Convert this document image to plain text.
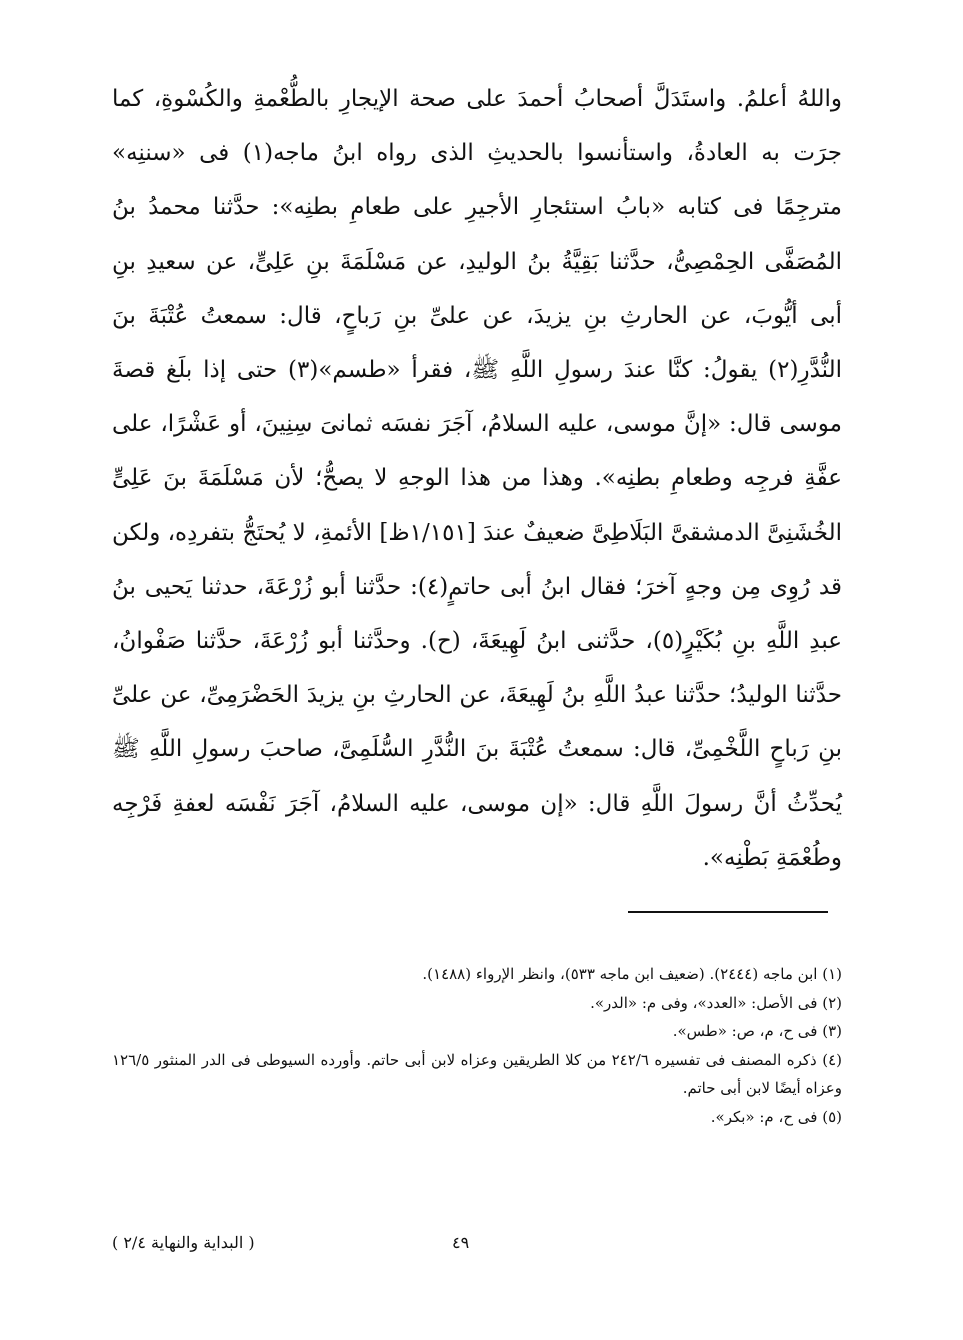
واللهُ أعلمُ. واستَدَلَّ أصحابُ أحمدَ على صحة الإيجارِ بالطُّعْمةِ والكُسْوةِ، كما جرَت به العادةُ، واستأنسوا بالحديثِ الذى رواه ابنُ ماجه(١) فى «سننِه» مترجِمًا فى كتابه «بابُ استئجارِ الأجيرِ على طعامِ بطنِه»: حدَّثنا محمدُ بنُ المُصَفَّى الحِمْصِىُّ، حدَّثنا بَقِيَّةُ بنُ الوليدِ، عن مَسْلَمَةَ بنِ عَلِىٍّ، عن سعيدِ بنِ أبى أيُّوبَ، عن الحارثِ بنِ يزيدَ، عن علىِّ بنِ رَباحٍ، قال: سمعتُ عُتْبَةَ بنَ النُّدَّرِ(٢) يقولُ: كنَّا عندَ رسولِ اللَّهِ ﷺ، فقرأ «طسم»(٣) حتى إذا بلَغ قصةَ موسى قال: «إنَّ موسى، عليه السلامُ، آجَرَ نفسَه ثمانىَ سِنِينَ، أو عَشْرًا، على عفَّةِ فرجِه وطعامِ بطنِه». وهذا من هذا الوجهِ لا يصحُّ؛ لأن مَسْلَمَةَ بنَ عَلِىٍّ الخُشَنِىَّ الدمشقىَّ البَلَاطِىَّ ضعيفٌ عندَ [١/١٥١ظ] الأئمةِ، لا يُحتَجُّ بتفردِه، ولكن قد رُوِى مِن وجهٍ آخرَ؛ فقال ابنُ أبى حاتمٍ(٤): حدَّثنا أبو زُرْعَةَ، حدثنا يَحيى بنُ عبدِ اللَّهِ بنِ بُكَيْرٍ(٥)، حدَّثنى ابنُ لَهِيعَةَ، (ح). وحدَّثنا أبو زُرْعَةَ، حدَّثنا صَفْوانُ، حدَّثنا الوليدُ؛ حدَّثنا عبدُ اللَّهِ بنُ لَهِيعَةَ، عن الحارثِ بنِ يزيدَ الحَضْرَمِىِّ، عن علىِّ بنِ رَباحٍ اللَّخْمِىِّ، قال: سمعتُ عُتْبَةَ بنَ النُّدَّرِ السُّلَمِىَّ، صاحبَ رسولِ اللَّهِ ﷺ يُحدِّثُ أنَّ رسولَ اللَّهِ قال: «إن موسى، عليه السلامُ، آجَرَ نَفْسَه لعفةِ فَرْجِه وطُعْمَةِ بَطْنِه».

(١) ابن ماجه (٢٤٤٤). (ضعيف ابن ماجه ٥٣٣)، وانظر الإرواء (١٤٨٨).

(٢) فى الأصل: «العدد»، وفى م: «الدر».

(٣) فى ح، م، ص: «طس».

(٤) ذكره المصنف فى تفسيره ٢٤٢/٦ من كلا الطريقين وعزاه لابن أبى حاتم. وأورده السيوطى فى الدر المنثور ١٢٦/٥ وعزاه أيضًا لابن أبى حاتم.

(٥) فى ح، م: «بكر».

٤٩
( البداية والنهاية ٢/٤ )
